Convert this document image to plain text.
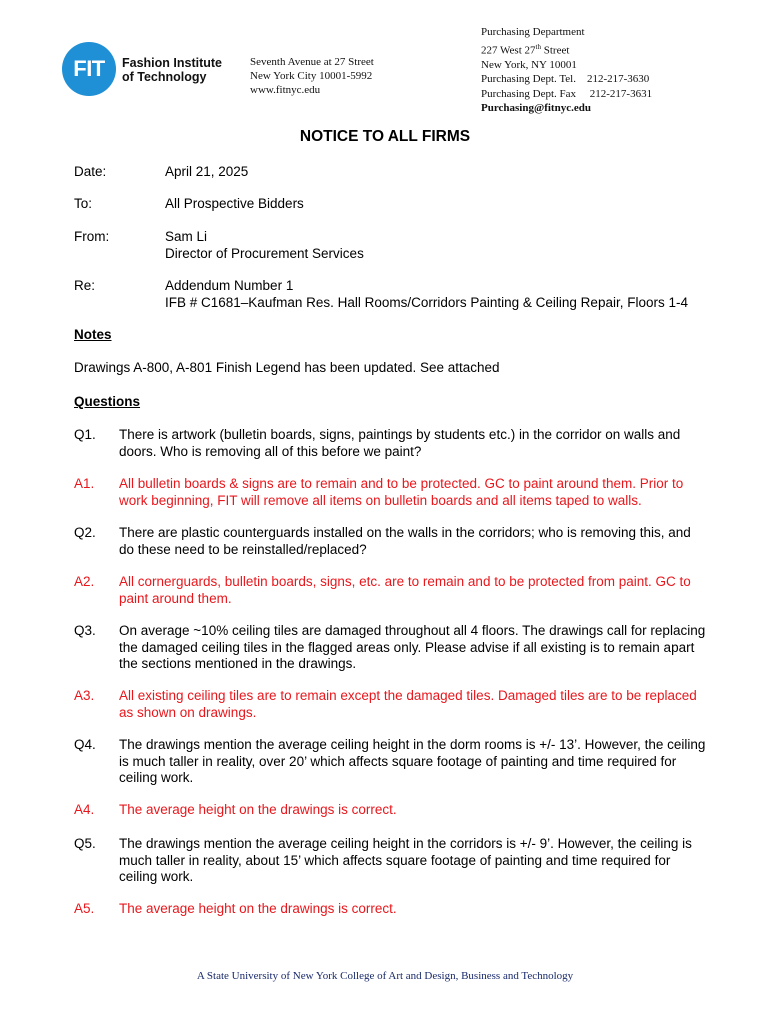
FIT Fashion Institute
of Technology
Seventh Avenue at 27 Street
New York City 10001-5992
www.fitnyc.edu
Purchasing Department
227 West 27th Street
New York, NY 10001
Purchasing Dept. Tel.    212-217-3630
Purchasing Dept. Fax     212-217-3631
Purchasing@fitnyc.edu
NOTICE TO ALL FIRMS
Date:	April 21, 2025
To:	All Prospective Bidders
From:	Sam Li
Director of Procurement Services
Re:	Addendum Number 1
IFB # C1681–Kaufman Res. Hall Rooms/Corridors Painting & Ceiling Repair, Floors 1-4
Notes
Drawings A-800, A-801 Finish Legend has been updated. See attached
Questions
Q1. There is artwork (bulletin boards, signs, paintings by students etc.) in the corridor on walls and doors. Who is removing all of this before we paint?
A1. All bulletin boards & signs are to remain and to be protected. GC to paint around them. Prior to work beginning, FIT will remove all items on bulletin boards and all items taped to walls.
Q2. There are plastic counterguards installed on the walls in the corridors; who is removing this, and do these need to be reinstalled/replaced?
A2. All cornerguards, bulletin boards, signs, etc. are to remain and to be protected from paint. GC to paint around them.
Q3. On average ~10% ceiling tiles are damaged throughout all 4 floors. The drawings call for replacing the damaged ceiling tiles in the flagged areas only. Please advise if all existing is to remain apart the sections mentioned in the drawings.
A3. All existing ceiling tiles are to remain except the damaged tiles. Damaged tiles are to be replaced as shown on drawings.
Q4. The drawings mention the average ceiling height in the dorm rooms is +/- 13’. However, the ceiling is much taller in reality, over 20’ which affects square footage of painting and time required for ceiling work.
A4. The average height on the drawings is correct.
Q5. The drawings mention the average ceiling height in the corridors is +/- 9’. However, the ceiling is much taller in reality, about 15’ which affects square footage of painting and time required for ceiling work.
A5. The average height on the drawings is correct.
A State University of New York College of Art and Design, Business and Technology
